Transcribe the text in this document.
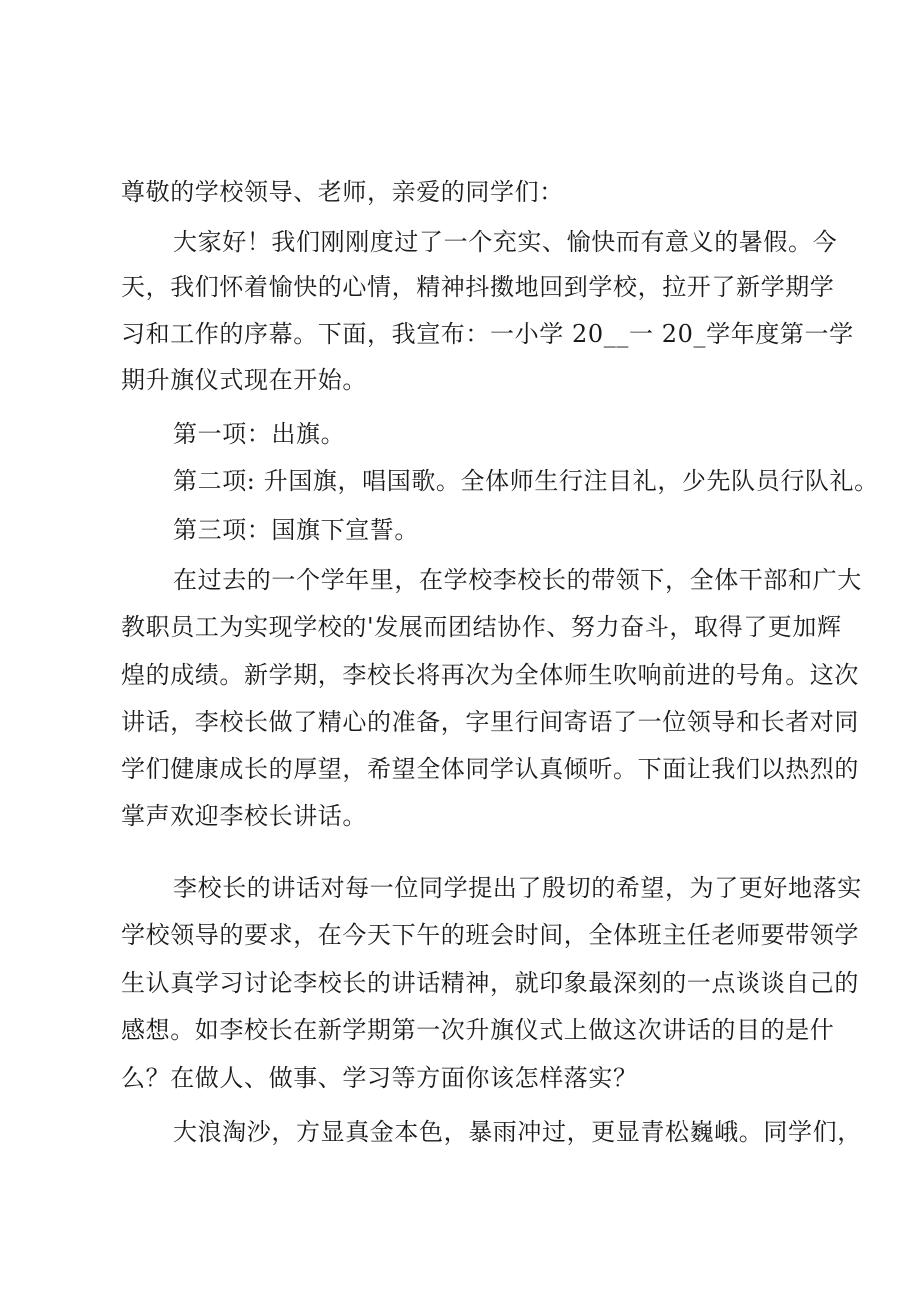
尊敬的学校领导、老师，亲爱的同学们：
大家好！我们刚刚度过了一个充实、愉快而有意义的暑假。今
天，我们怀着愉快的心情，精神抖擞地回到学校，拉开了新学期学
习和工作的序幕。下面，我宣布：一小学 20__一 20_学年度第一学
期升旗仪式现在开始。
第一项：出旗。
第二项: 升国旗，唱国歌。全体师生行注目礼，少先队员行队礼。
第三项：国旗下宣誓。
在过去的一个学年里，在学校李校长的带领下，全体干部和广大
教职员工为实现学校的'发展而团结协作、努力奋斗，取得了更加辉
煌的成绩。新学期，李校长将再次为全体师生吹响前进的号角。这次
讲话，李校长做了精心的准备，字里行间寄语了一位领导和长者对同
学们健康成长的厚望，希望全体同学认真倾听。下面让我们以热烈的
掌声欢迎李校长讲话。
李校长的讲话对每一位同学提出了殷切的希望，为了更好地落实
学校领导的要求，在今天下午的班会时间，全体班主任老师要带领学
生认真学习讨论李校长的讲话精神，就印象最深刻的一点谈谈自己的
感想。如李校长在新学期第一次升旗仪式上做这次讲话的目的是什
么？在做人、做事、学习等方面你该怎样落实？
大浪淘沙，方显真金本色，暴雨冲过，更显青松巍峨。同学们，
